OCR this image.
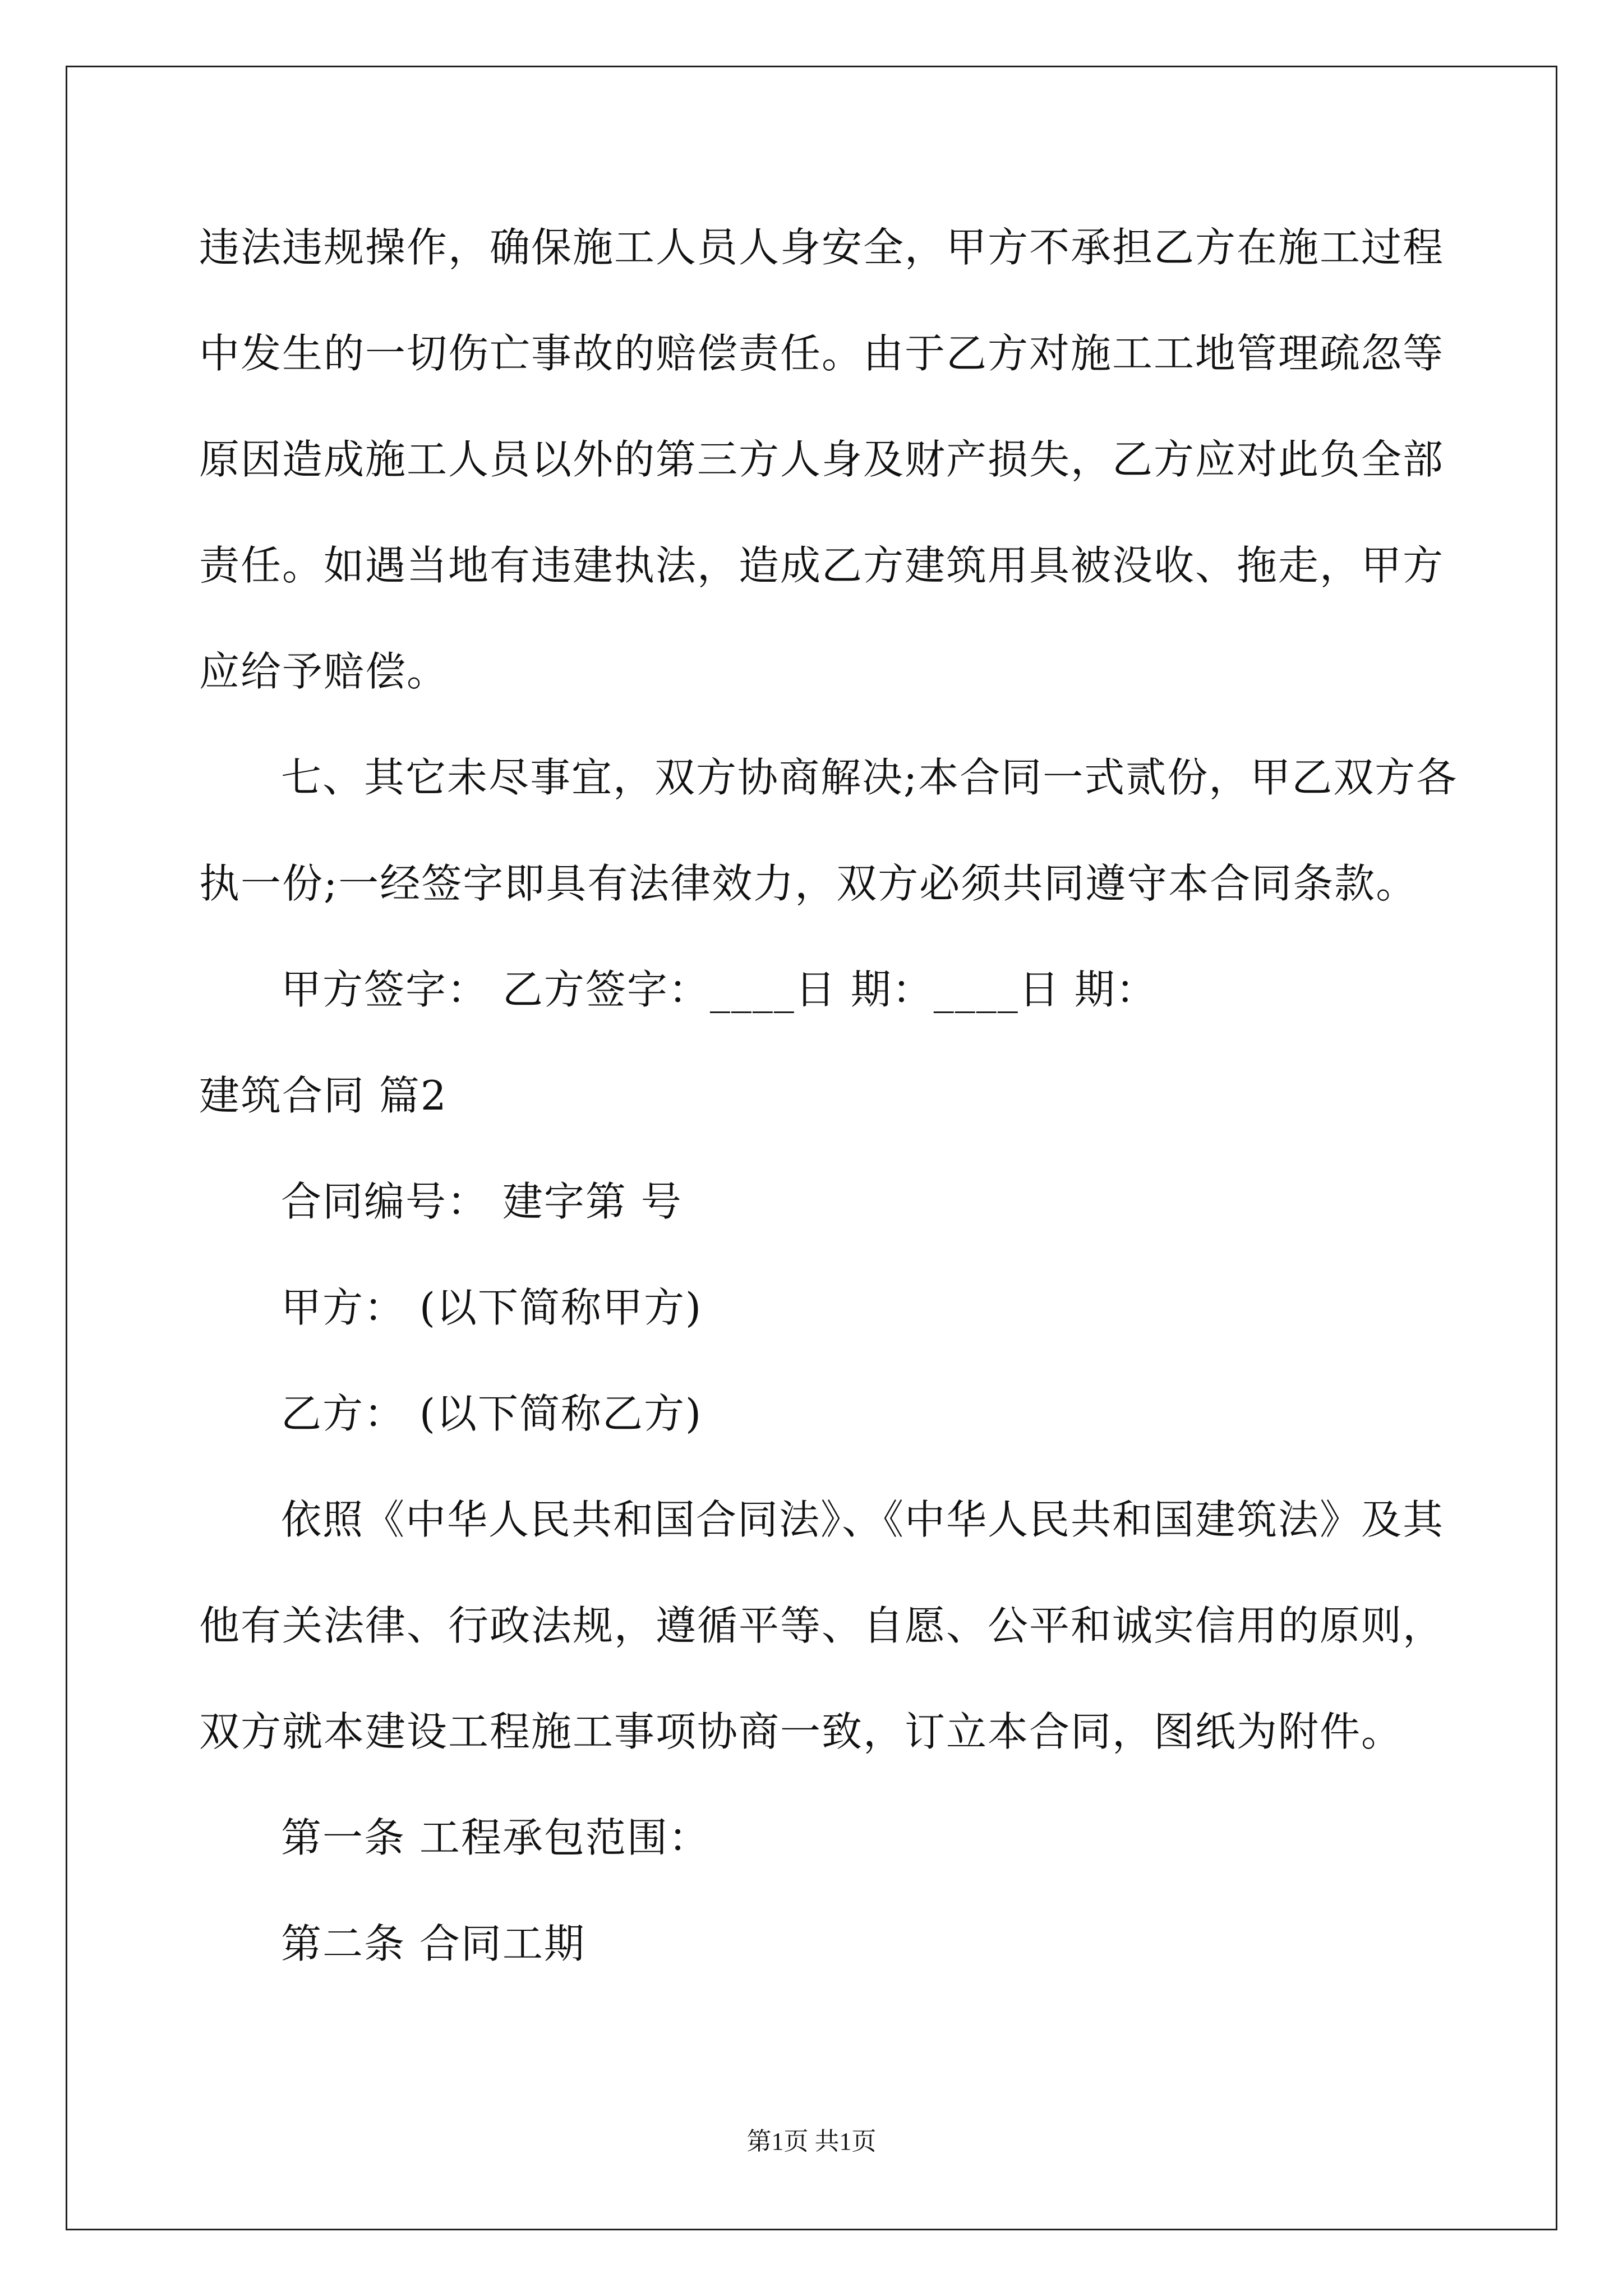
违法违规操作，确保施工人员人身安全，甲方不承担乙方在施工过程
中发生的一切伤亡事故的赔偿责任。由于乙方对施工工地管理疏忽等
原因造成施工人员以外的第三方人身及财产损失，乙方应对此负全部
责任。如遇当地有违建执法，造成乙方建筑用具被没收、拖走，甲方
应给予赔偿。
七、其它未尽事宜，双方协商解决;本合同一式贰份，甲乙双方各
执一份;一经签字即具有法律效力，双方必须共同遵守本合同条款。
甲方签字： 乙方签字：____日 期：____日 期：
建筑合同 篇2
合同编号： 建字第 号
甲方： (以下简称甲方)
乙方： (以下简称乙方)
依照《中华人民共和国合同法》、《中华人民共和国建筑法》及其
他有关法律、行政法规，遵循平等、自愿、公平和诚实信用的原则，
双方就本建设工程施工事项协商一致，订立本合同，图纸为附件。
第一条 工程承包范围：
第二条 合同工期
第1页 共1页
